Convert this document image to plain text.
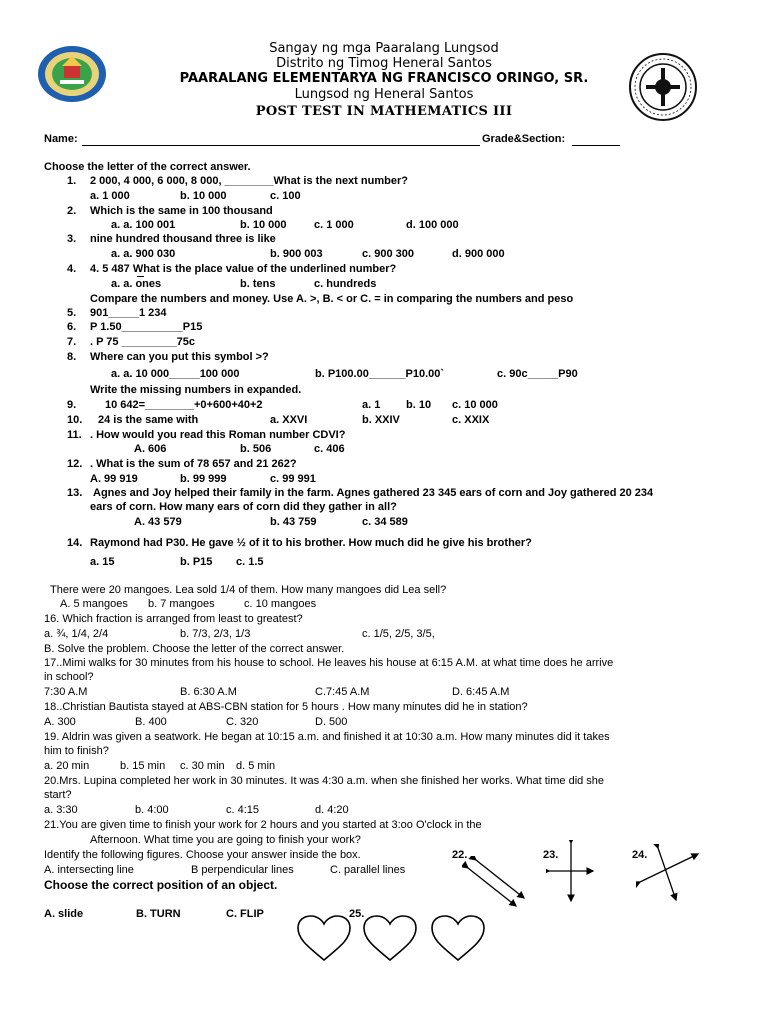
Sangay ng mga Paaralang Lungsod
Distrito ng Timog Heneral Santos
PAARALANG ELEMENTARYA NG FRANCISCO ORINGO, SR.
Lungsod ng Heneral Santos
POST TEST IN MATHEMATICS III
Name:	Grade&Section:
Choose the letter of the correct answer.
1. 2 000, 4 000, 6 000, 8 000, ________What is the next number?
a. 1 000	b. 10 000	c. 100
2. Which is the same in 100 thousand
a. a. 100 001	b. 10 000	c. 1 000	d. 100 000
3. nine hundred thousand three is like
a. a. 900 030	b. 900 003	c. 900 300	d. 900 000
4. 4. 5 487 What is the place value of the underlined number?
a. a. ones	b. tens	c. hundreds
Compare the numbers and money. Use A. >, B. < or C. = in comparing the numbers and peso
5. 901_____1 234
6. P 1.50__________P15
7. . P 75 _________75c
8. Where can you put this symbol >?
a. a. 10 000_____100 000	b. P100.00______P10.00`	c. 90c_____P90
Write the missing numbers in expanded.
9.	10 642=________+0+600+40+2	a. 1 b. 10 c. 10 000
10. 24 is the same with	a. XXVI	b. XXIV	c. XXIX
11. . How would you read this Roman number CDVI?
A. 606	b. 506	c. 406
12. . What is the sum of 78 657 and 21 262?
A. 99 919	b. 99 999	c. 99 991
13. Agnes and Joy helped their family in the farm. Agnes gathered 23 345 ears of corn and Joy gathered 20 234
ears of corn. How many ears of corn did they gather in all?
A. 43 579	b. 43 759	c. 34 589
14. Raymond had P30. He gave ½ of it to his brother. How much did he give his brother?
a. 15	b. P15 c. 1.5
There were 20 mangoes. Lea sold 1/4 of them. How many mangoes did Lea sell?
A. 5 mangoes b. 7 mangoes	c. 10 mangoes
16. Which fraction is arranged from least to greatest?
a. ¾, 1/4, 2/4	b. 7/3, 2/3, 1/3	c. 1/5, 2/5, 3/5,
B. Solve the problem. Choose the letter of the correct answer.
17..Mimi walks for 30 minutes from his house to school. He leaves his house at 6:15 A.M. at what time does he arrive
in school?
7:30 A.M	B. 6:30 A.M	C.7:45 A.M	D. 6:45 A.M
18..Christian Bautista stayed at ABS-CBN station for 5 hours . How many minutes did he in station?
A. 300	B. 400	C. 320	D. 500
19. Aldrin was given a seatwork. He began at 10:15 a.m. and finished it at 10:30 a.m. How many minutes did it takes
him to finish?
a. 20 min	b. 15 min c. 30 min d. 5 min
20.Mrs. Lupina completed her work in 30 minutes. It was 4:30 a.m. when she finished her works. What time did she
start?
a. 3:30	b. 4:00	c. 4:15	d. 4:20
21.You are given time to finish your work for 2 hours and you started at 3:oo O'clock in the
Afternoon. What time you are going to finish your work?
Identify the following figures. Choose your answer inside the box.
A. intersecting line	B perpendicular lines	C. parallel lines
Choose the correct position of an object.
A. slide	B. TURN	C. FLIP
22.	23.	24.
25.
